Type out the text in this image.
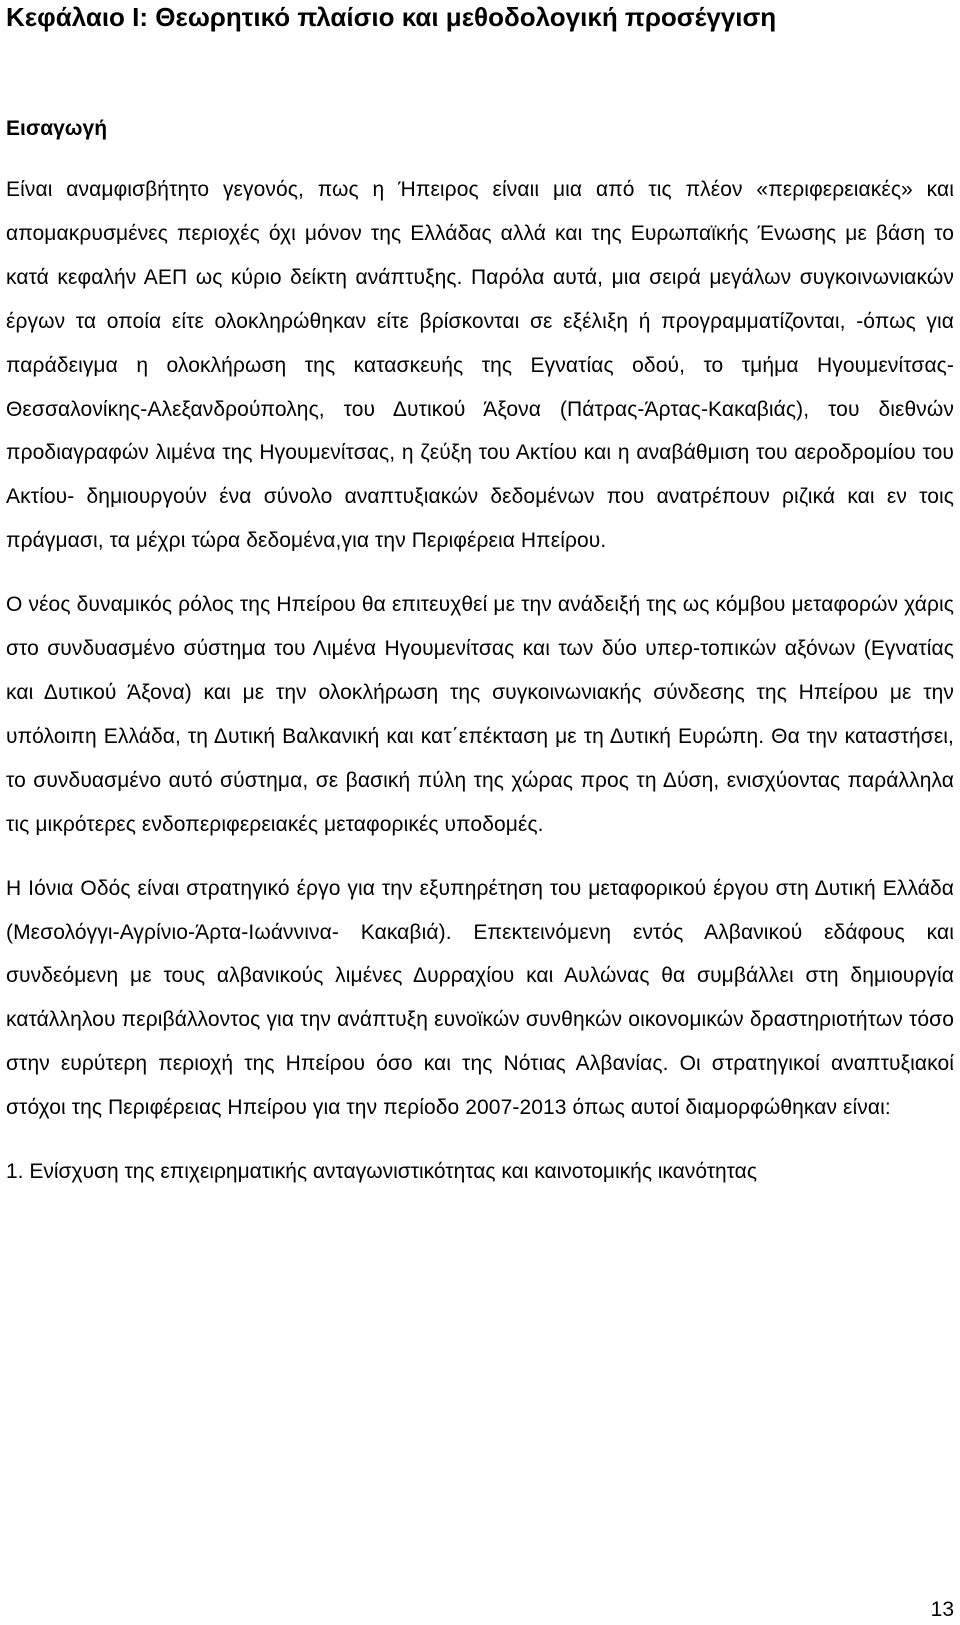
Κεφάλαιο Ι: Θεωρητικό πλαίσιο και μεθοδολογική προσέγγιση
Εισαγωγή

Είναι αναμφισβήτητο γεγονός, πως η Ήπειρος είναιι μια από τις πλέον «περιφερειακές» και απομακρυσμένες περιοχές όχι μόνον της Ελλάδας αλλά και της Ευρωπαϊκής Ένωσης με βάση το κατά κεφαλήν ΑΕΠ ως κύριο δείκτη ανάπτυξης. Παρόλα αυτά, μια σειρά μεγάλων συγκοινωνιακών έργων τα οποία είτε ολοκληρώθηκαν είτε βρίσκονται σε εξέλιξη ή προγραμματίζονται, -όπως για παράδειγμα η ολοκλήρωση της κατασκευής της Εγνατίας οδού, το τμήμα Ηγουμενίτσας-Θεσσαλονίκης-Αλεξανδρούπολης, του Δυτικού Άξονα (Πάτρας-Άρτας-Κακαβιάς), του διεθνών προδιαγραφών λιμένα της Ηγουμενίτσας, η ζεύξη του Ακτίου και η αναβάθμιση του αεροδρομίου του Ακτίου- δημιουργούν ένα σύνολο αναπτυξιακών δεδομένων που ανατρέπουν ριζικά και εν τοις πράγμασι, τα μέχρι τώρα δεδομένα,για την Περιφέρεια Ηπείρου.

Ο νέος δυναμικός ρόλος της Ηπείρου θα επιτευχθεί με την ανάδειξή της ως κόμβου μεταφορών χάρις στο συνδυασμένο σύστημα του Λιμένα Ηγουμενίτσας και των δύο υπερ-τοπικών αξόνων (Εγνατίας και Δυτικού Άξονα) και με την ολοκλήρωση της συγκοινωνιακής σύνδεσης της Ηπείρου με την υπόλοιπη Ελλάδα, τη Δυτική Βαλκανική και κατ΄επέκταση με τη Δυτική Ευρώπη. Θα την καταστήσει, το συνδυασμένο αυτό σύστημα, σε βασική πύλη της χώρας προς τη Δύση, ενισχύοντας παράλληλα τις μικρότερες ενδοπεριφερειακές μεταφορικές υποδομές.

Η Ιόνια Οδός είναι στρατηγικό έργο για την εξυπηρέτηση του μεταφορικού έργου στη Δυτική Ελλάδα (Μεσολόγγι-Αγρίνιο-Άρτα-Ιωάννινα- Κακαβιά). Επεκτεινόμενη εντός Αλβανικού εδάφους και συνδεόμενη με τους αλβανικούς λιμένες Δυρραχίου και Αυλώνας θα συμβάλλει στη δημιουργία κατάλληλου περιβάλλοντος για την ανάπτυξη ευνοϊκών συνθηκών οικονομικών δραστηριοτήτων τόσο στην ευρύτερη περιοχή της Ηπείρου όσο και της Νότιας Αλβανίας. Οι στρατηγικοί αναπτυξιακοί στόχοι της Περιφέρειας Ηπείρου για την περίοδο 2007-2013 όπως αυτοί διαμορφώθηκαν είναι:

1. Ενίσχυση της επιχειρηματικής ανταγωνιστικότητας και καινοτομικής ικανότητας

13
